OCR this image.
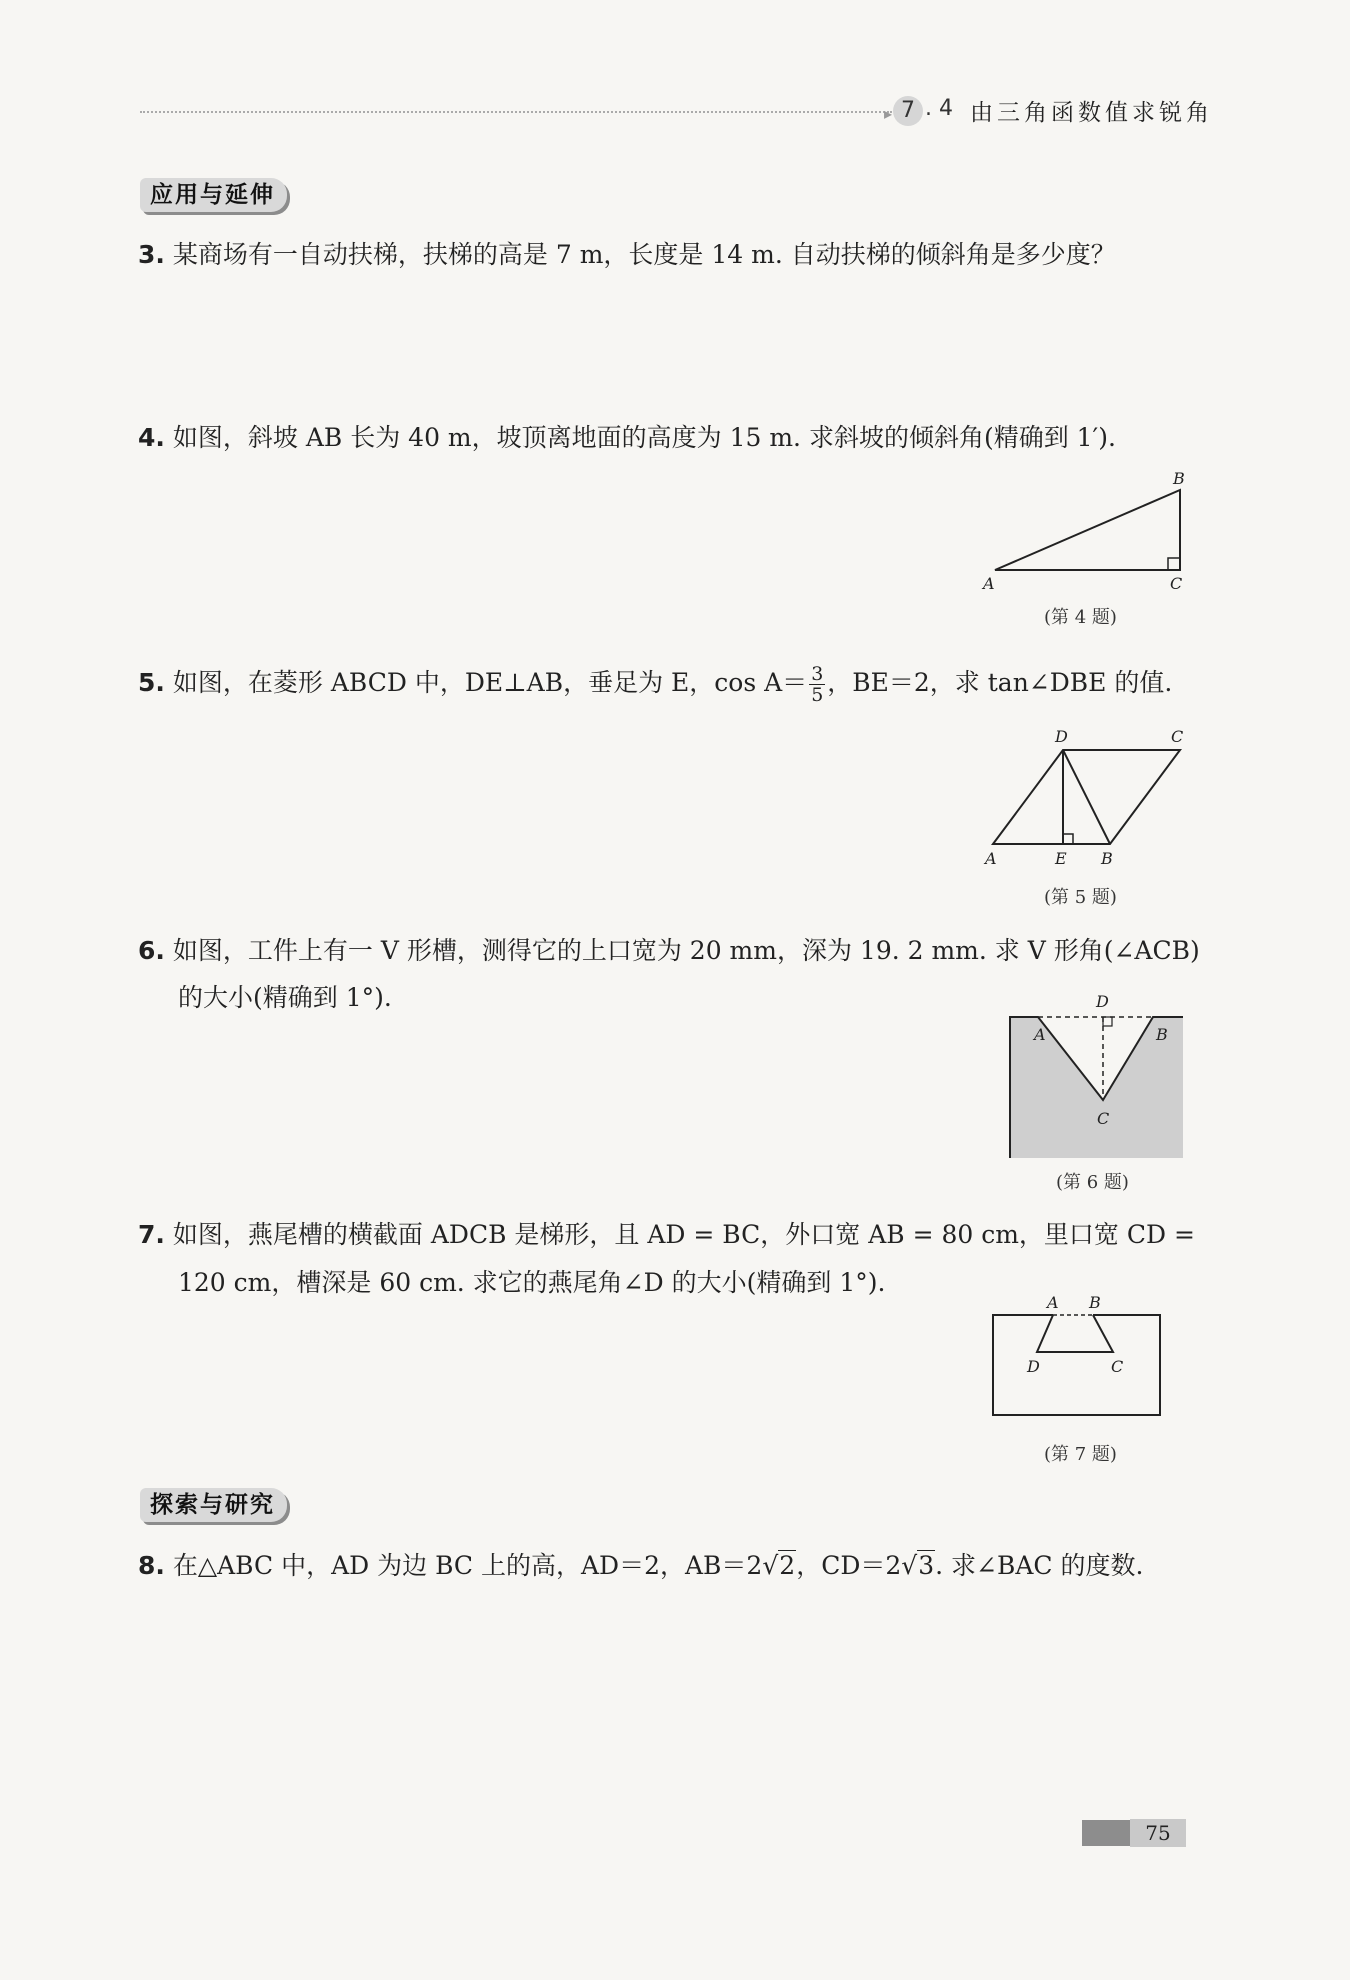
▸ 7 . 4 由三角函数值求锐角
应用与延伸
3. 某商场有一自动扶梯，扶梯的高是 7 m，长度是 14 m. 自动扶梯的倾斜角是多少度？
4. 如图，斜坡 AB 长为 40 m，坡顶离地面的高度为 15 m. 求斜坡的倾斜角(精确到 1′).
A
B
C
(第 4 题)
5. 如图，在菱形 ABCD 中，DE⊥AB，垂足为 E，$\cos A= \frac{3}{5}$ ，BE＝2，求 tan∠DBE 的值.
A
D	C
E B
(第 5 题)
6. 如图，工件上有一 V 形槽，测得它的上口宽为 20 mm，深为 19. 2 mm. 求 V 形角(∠ACB)
的大小(精确到 1°).	D
A	B
C
(第 6 题)
7. 如图，燕尾槽的横截面 ADCB 是梯形，且 AD = BC，外口宽 AB = 80 cm，里口宽 CD =
120 cm，槽深是 60 cm. 求它的燕尾角∠D 的大小(精确到 1°).
A B
D	C
(第 7 题)
探索与研究
8. 在△ABC 中，AD 为边 BC 上的高，AD＝2，AB＝2√2，CD＝2√3. 求∠BAC 的度数.
75
